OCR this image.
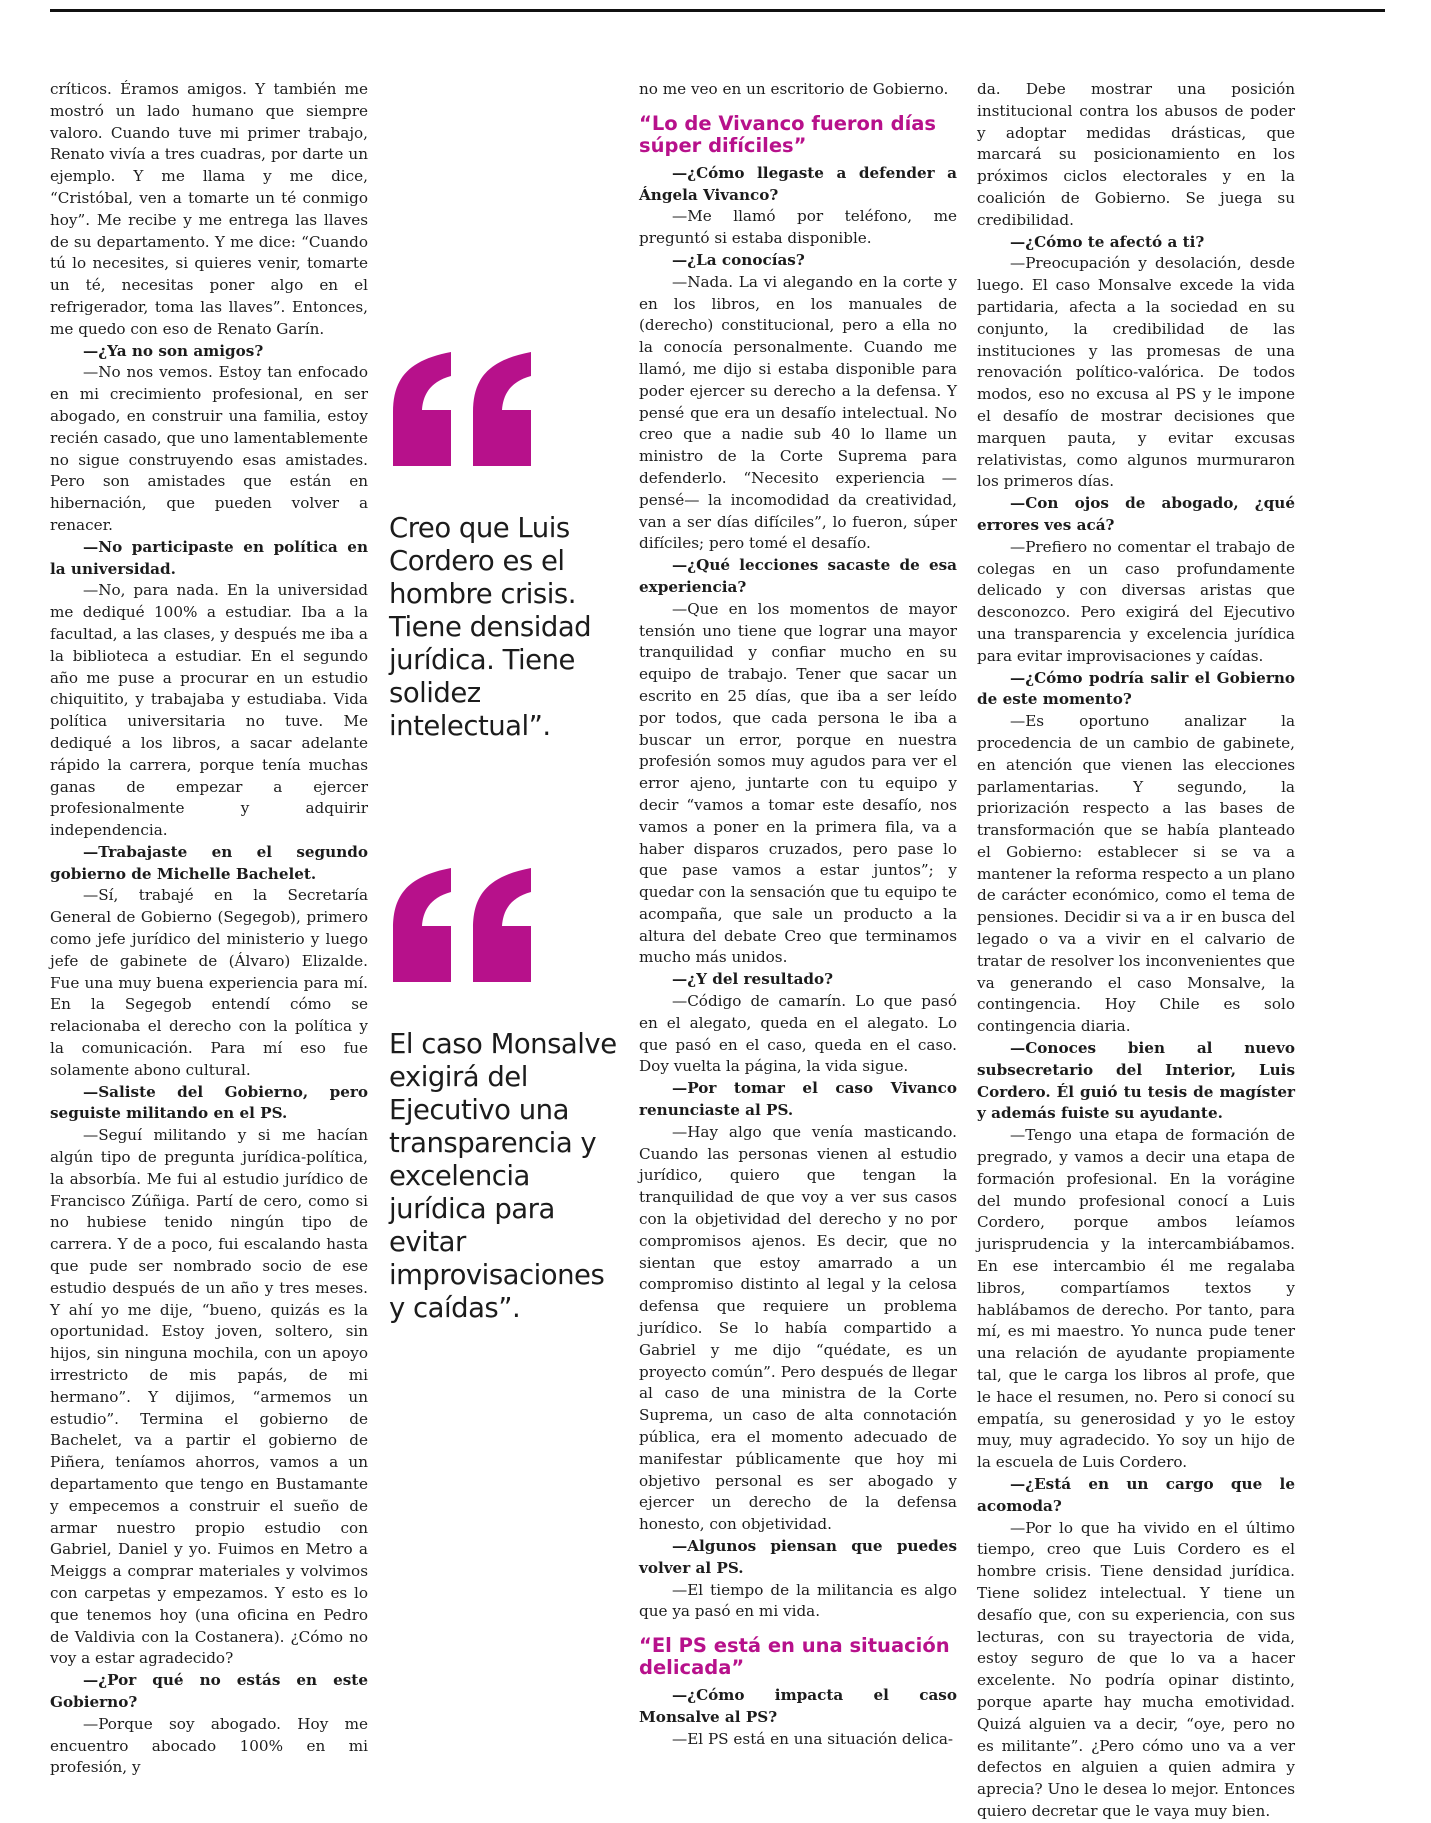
críticos. Éramos amigos. Y también me mostró un lado humano que siempre valoro. Cuando tuve mi primer trabajo, Renato vivía a tres cuadras, por darte un ejemplo. Y me llama y me dice, “Cristóbal, ven a tomarte un té conmigo hoy”. Me recibe y me entrega las llaves de su departamento. Y me dice: “Cuando tú lo necesites, si quieres venir, tomarte un té, necesitas poner algo en el refrigerador, toma las llaves”. Entonces, me quedo con eso de Renato Garín.

—¿Ya no son amigos?

—No nos vemos. Estoy tan enfocado en mi crecimiento profesional, en ser abogado, en construir una familia, estoy recién casado, que uno lamentablemente no sigue construyendo esas amistades. Pero son amistades que están en hibernación, que pueden volver a renacer.

—No participaste en política en la universidad.

—No, para nada. En la universidad me dediqué 100% a estudiar. Iba a la facultad, a las clases, y después me iba a la biblioteca a estudiar. En el segundo año me puse a procurar en un estudio chiquitito, y trabajaba y estudiaba. Vida política universitaria no tuve. Me dediqué a los libros, a sacar adelante rápido la carrera, porque tenía muchas ganas de empezar a ejercer profesionalmente y adquirir independencia.

—Trabajaste en el segundo gobierno de Michelle Bachelet.

—Sí, trabajé en la Secretaría General de Gobierno (Segegob), primero como jefe jurídico del ministerio y luego jefe de gabinete de (Álvaro) Elizalde. Fue una muy buena experiencia para mí. En la Segegob entendí cómo se relacionaba el derecho con la política y la comunicación. Para mí eso fue solamente abono cultural.

—Saliste del Gobierno, pero seguiste militando en el PS.

—Seguí militando y si me hacían algún tipo de pregunta jurídica-política, la absorbía. Me fui al estudio jurídico de Francisco Zúñiga. Partí de cero, como si no hubiese tenido ningún tipo de carrera. Y de a poco, fui escalando hasta que pude ser nombrado socio de ese estudio después de un año y tres meses. Y ahí yo me dije, “bueno, quizás es la oportunidad. Estoy joven, soltero, sin hijos, sin ninguna mochila, con un apoyo irrestricto de mis papás, de mi hermano”. Y dijimos, “armemos un estudio”. Termina el gobierno de Bachelet, va a partir el gobierno de Piñera, teníamos ahorros, vamos a un departamento que tengo en Bustamante y empecemos a construir el sueño de armar nuestro propio estudio con Gabriel, Daniel y yo. Fuimos en Metro a Meiggs a comprar materiales y volvimos con carpetas y empezamos. Y esto es lo que tenemos hoy (una oficina en Pedro de Valdivia con la Costanera). ¿Cómo no voy a estar agradecido?

—¿Por qué no estás en este Gobierno?

—Porque soy abogado. Hoy me encuentro abocado 100% en mi profesión, y

Creo que Luis Cordero es el hombre crisis. Tiene densidad jurídica. Tiene solidez intelectual”.
El caso Monsalve exigirá del Ejecutivo una transparencia y excelencia jurídica para evitar improvisaciones y caídas”.

no me veo en un escritorio de Gobierno.

“Lo de Vivanco fueron días súper difíciles”

—¿Cómo llegaste a defender a Ángela Vivanco?

—Me llamó por teléfono, me preguntó si estaba disponible.

—¿La conocías?

—Nada. La vi alegando en la corte y en los libros, en los manuales de (derecho) constitucional, pero a ella no la conocía personalmente. Cuando me llamó, me dijo si estaba disponible para poder ejercer su derecho a la defensa. Y pensé que era un desafío intelectual. No creo que a nadie sub 40 lo llame un ministro de la Corte Suprema para defenderlo. “Necesito experiencia —pensé— la incomodidad da creatividad, van a ser días difíciles”, lo fueron, súper difíciles; pero tomé el desafío.

—¿Qué lecciones sacaste de esa experiencia?

—Que en los momentos de mayor tensión uno tiene que lograr una mayor tranquilidad y confiar mucho en su equipo de trabajo. Tener que sacar un escrito en 25 días, que iba a ser leído por todos, que cada persona le iba a buscar un error, porque en nuestra profesión somos muy agudos para ver el error ajeno, juntarte con tu equipo y decir “vamos a tomar este desafío, nos vamos a poner en la primera fila, va a haber disparos cruzados, pero pase lo que pase vamos a estar juntos”; y quedar con la sensación que tu equipo te acompaña, que sale un producto a la altura del debate Creo que terminamos mucho más unidos.

—¿Y del resultado?

—Código de camarín. Lo que pasó en el alegato, queda en el alegato. Lo que pasó en el caso, queda en el caso. Doy vuelta la página, la vida sigue.

—Por tomar el caso Vivanco renunciaste al PS.

—Hay algo que venía masticando. Cuando las personas vienen al estudio jurídico, quiero que tengan la tranquilidad de que voy a ver sus casos con la objetividad del derecho y no por compromisos ajenos. Es decir, que no sientan que estoy amarrado a un compromiso distinto al legal y la celosa defensa que requiere un problema jurídico. Se lo había compartido a Gabriel y me dijo “quédate, es un proyecto común”. Pero después de llegar al caso de una ministra de la Corte Suprema, un caso de alta connotación pública, era el momento adecuado de manifestar públicamente que hoy mi objetivo personal es ser abogado y ejercer un derecho de la defensa honesto, con objetividad.

—Algunos piensan que puedes volver al PS.

—El tiempo de la militancia es algo que ya pasó en mi vida.

“El PS está en una situación delicada”

—¿Cómo impacta el caso Monsalve al PS?

—El PS está en una situación delica-

da. Debe mostrar una posición institucional contra los abusos de poder y adoptar medidas drásticas, que marcará su posicionamiento en los próximos ciclos electorales y en la coalición de Gobierno. Se juega su credibilidad.

—¿Cómo te afectó a ti?

—Preocupación y desolación, desde luego. El caso Monsalve excede la vida partidaria, afecta a la sociedad en su conjunto, la credibilidad de las instituciones y las promesas de una renovación político-valórica. De todos modos, eso no excusa al PS y le impone el desafío de mostrar decisiones que marquen pauta, y evitar excusas relativistas, como algunos murmuraron los primeros días.

—Con ojos de abogado, ¿qué errores ves acá?

—Prefiero no comentar el trabajo de colegas en un caso profundamente delicado y con diversas aristas que desconozco. Pero exigirá del Ejecutivo una transparencia y excelencia jurídica para evitar improvisaciones y caídas.

—¿Cómo podría salir el Gobierno de este momento?

—Es oportuno analizar la procedencia de un cambio de gabinete, en atención que vienen las elecciones parlamentarias. Y segundo, la priorización respecto a las bases de transformación que se había planteado el Gobierno: establecer si se va a mantener la reforma respecto a un plano de carácter económico, como el tema de pensiones. Decidir si va a ir en busca del legado o va a vivir en el calvario de tratar de resolver los inconvenientes que va generando el caso Monsalve, la contingencia. Hoy Chile es solo contingencia diaria.

—Conoces bien al nuevo subsecretario del Interior, Luis Cordero. Él guió tu tesis de magíster y además fuiste su ayudante.

—Tengo una etapa de formación de pregrado, y vamos a decir una etapa de formación profesional. En la vorágine del mundo profesional conocí a Luis Cordero, porque ambos leíamos jurisprudencia y la intercambiábamos. En ese intercambio él me regalaba libros, compartíamos textos y hablábamos de derecho. Por tanto, para mí, es mi maestro. Yo nunca pude tener una relación de ayudante propiamente tal, que le carga los libros al profe, que le hace el resumen, no. Pero si conocí su empatía, su generosidad y yo le estoy muy, muy agradecido. Yo soy un hijo de la escuela de Luis Cordero.

—¿Está en un cargo que le acomoda?

—Por lo que ha vivido en el último tiempo, creo que Luis Cordero es el hombre crisis. Tiene densidad jurídica. Tiene solidez intelectual. Y tiene un desafío que, con su experiencia, con sus lecturas, con su trayectoria de vida, estoy seguro de que lo va a hacer excelente. No podría opinar distinto, porque aparte hay mucha emotividad. Quizá alguien va a decir, “oye, pero no es militante”. ¿Pero cómo uno va a ver defectos en alguien a quien admira y aprecia? Uno le desea lo mejor. Entonces quiero decretar que le vaya muy bien.
